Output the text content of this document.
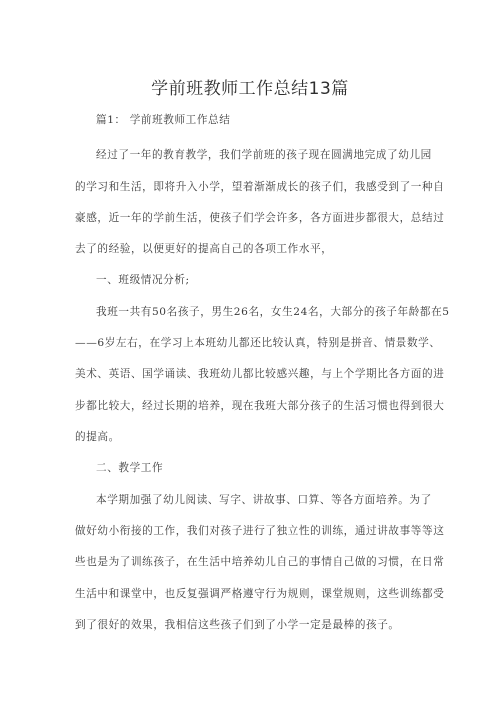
学前班教师工作总结13篇
篇1： 学前班教师工作总结
经过了一年的教育教学，我们学前班的孩子现在圆满地完成了幼儿园
的学习和生活，即将升入小学，望着渐渐成长的孩子们，我感受到了一种自
豪感，近一年的学前生活，使孩子们学会许多，各方面进步都很大，总结过
去了的经验，以便更好的提高自己的各项工作水平，
一、班级情况分析;
我班一共有50名孩子，男生26名，女生24名，大部分的孩子年龄都在5
——6岁左右，在学习上本班幼儿都还比较认真，特别是拼音、情景数学、
美术、英语、国学诵读、我班幼儿都比较感兴趣，与上个学期比各方面的进
步都比较大，经过长期的培养，现在我班大部分孩子的生活习惯也得到很大
的提高。
二、教学工作
本学期加强了幼儿阅读、写字、讲故事、口算、等各方面培养。为了
做好幼小衔接的工作，我们对孩子进行了独立性的训练，通过讲故事等等这
些也是为了训练孩子，在生活中培养幼儿自己的事情自己做的习惯，在日常
生活中和课堂中，也反复强调严格遵守行为规则，课堂规则，这些训练都受
到了很好的效果，我相信这些孩子们到了小学一定是最棒的孩子。
